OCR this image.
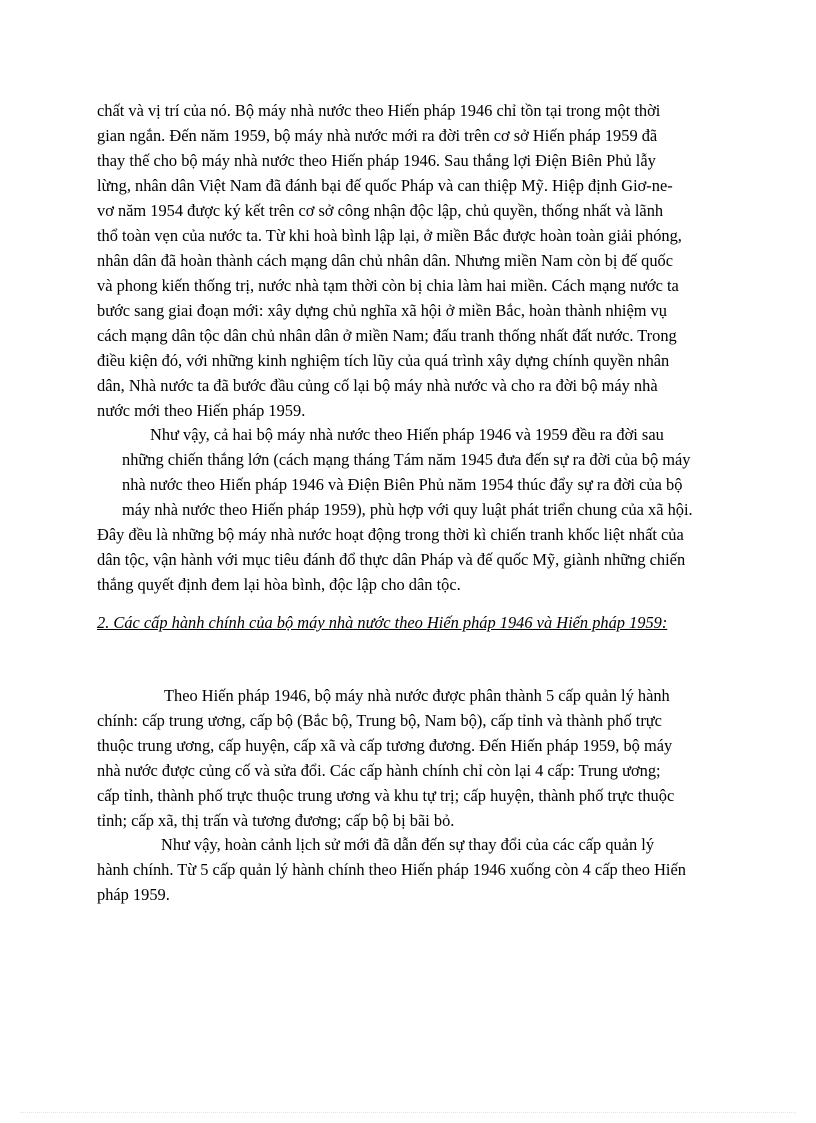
chất và vị trí của nó. Bộ máy nhà nước theo Hiến pháp 1946 chỉ tồn tại trong một thời
gian ngắn. Đến năm 1959, bộ máy nhà nước mới ra đời trên cơ sở Hiến pháp 1959 đã
thay thế cho bộ máy nhà nước theo Hiến pháp 1946. Sau thắng lợi Điện Biên Phủ lẫy
lừng, nhân dân Việt Nam đã đánh bại đế quốc Pháp và can thiệp Mỹ. Hiệp định Giơ-ne-
vơ năm 1954 được ký kết trên cơ sở công nhận độc lập, chủ quyền, thống nhất và lãnh
thổ toàn vẹn của nước ta. Từ khi hoà bình lập lại, ở miền Bắc được hoàn toàn giải phóng,
nhân dân đã hoàn thành cách mạng dân chủ nhân dân. Nhưng miền Nam còn bị đế quốc
và phong kiến thống trị, nước nhà tạm thời còn bị chia làm hai miền. Cách mạng nước ta
bước sang giai đoạn mới: xây dựng chủ nghĩa xã hội ở miền Bắc, hoàn thành nhiệm vụ
cách mạng dân tộc dân chủ nhân dân ở miền Nam; đấu tranh thống nhất đất nước. Trong
điều kiện đó, với những kinh nghiệm tích lũy của quá trình xây dựng chính quyền nhân
dân, Nhà nước ta đã bước đầu củng cố lại bộ máy nhà nước và cho ra đời bộ máy nhà
nước mới theo Hiến pháp 1959.
Như vậy, cả hai bộ máy nhà nước theo Hiến pháp 1946 và 1959 đều ra đời sau
những chiến thắng lớn (cách mạng tháng Tám năm 1945 đưa đến sự ra đời của bộ máy
nhà nước theo Hiến pháp 1946 và Điện Biên Phủ năm 1954 thúc đẩy sự ra đời của bộ
máy nhà nước theo Hiến pháp 1959), phù hợp với quy luật phát triển chung của xã hội.
Đây đều là những bộ máy nhà nước hoạt động trong thời kì chiến tranh khốc liệt nhất của
dân tộc, vận hành với mục tiêu đánh đổ thực dân Pháp và đế quốc Mỹ, giành những chiến
thắng quyết định đem lại hòa bình, độc lập cho dân tộc.
2. Các cấp hành chính của bộ máy nhà nước theo Hiến pháp 1946 và Hiến pháp 1959:
Theo Hiến pháp 1946, bộ máy nhà nước được phân thành 5 cấp quản lý hành
chính: cấp trung ương, cấp bộ (Bắc bộ, Trung bộ, Nam bộ), cấp tỉnh và thành phố trực
thuộc trung ương, cấp huyện, cấp xã và cấp tương đương. Đến Hiến pháp 1959, bộ máy
nhà nước được củng cố và sửa đổi. Các cấp hành chính chỉ còn lại 4 cấp: Trung ương;
cấp tỉnh, thành phố trực thuộc trung ương và khu tự trị; cấp huyện, thành phố trực thuộc
tỉnh; cấp xã, thị trấn và tương đương; cấp bộ bị bãi bỏ.
Như vậy, hoàn cảnh lịch sử mới đã dẫn đến sự thay đổi của các cấp quản lý
hành chính. Từ 5 cấp quản lý hành chính theo Hiến pháp 1946 xuống còn 4 cấp theo Hiến
pháp 1959.
